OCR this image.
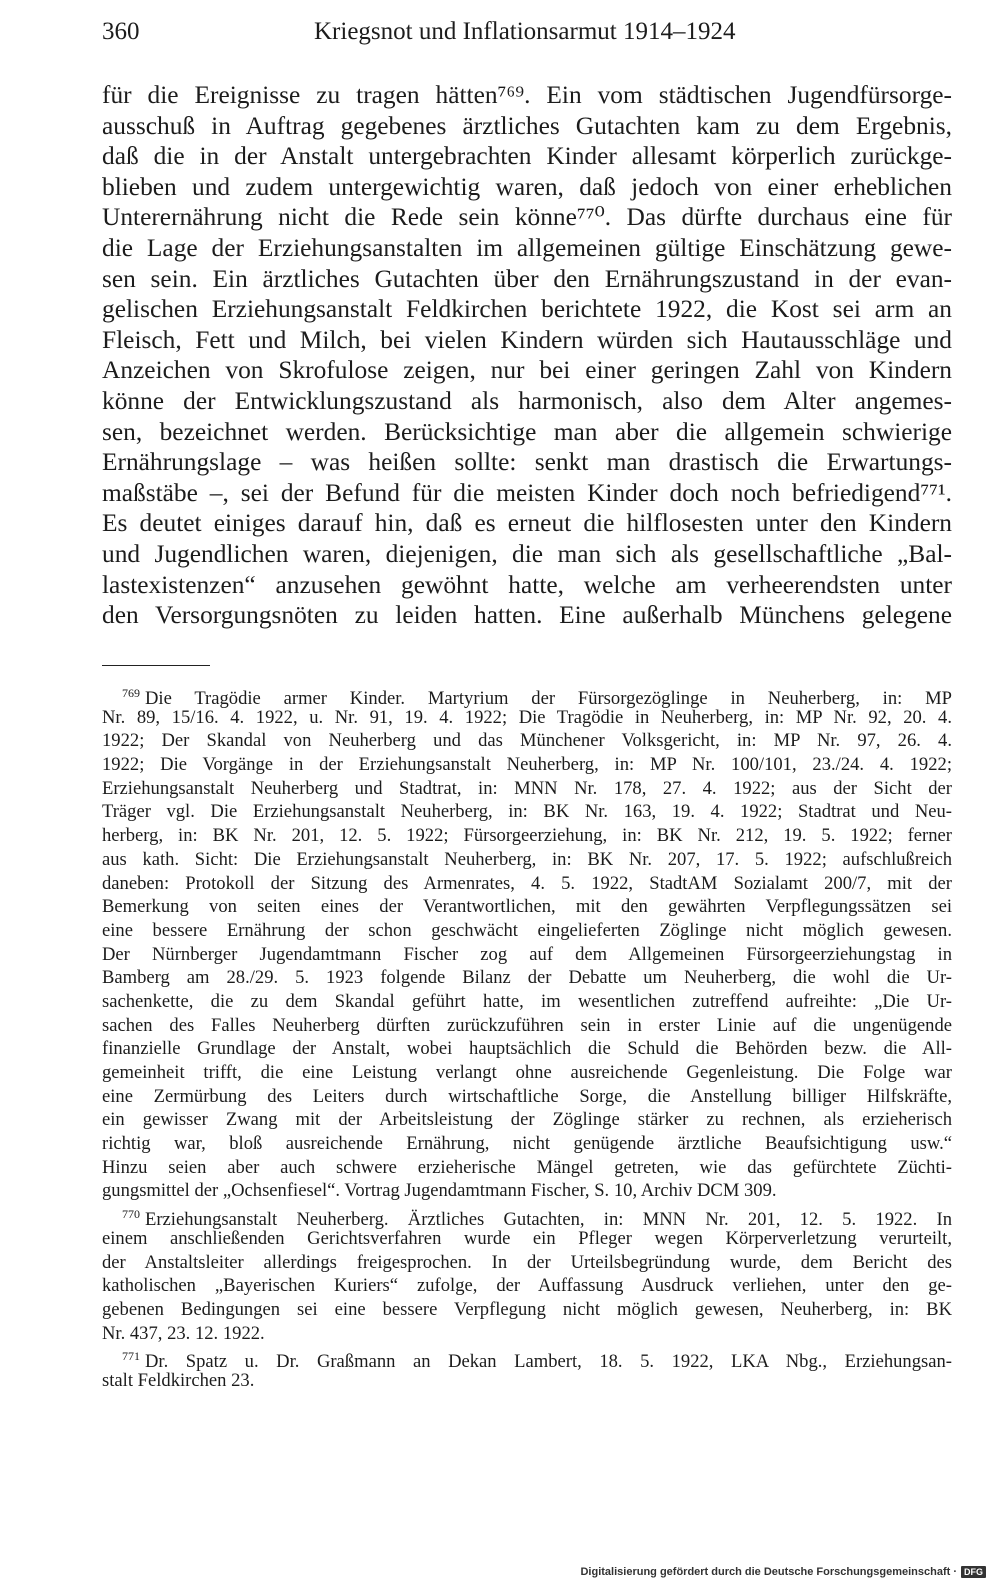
360	Kriegsnot und Inflationsarmut 1914–1924
für die Ereignisse zu tragen hätten⁷⁶⁹. Ein vom städtischen Jugendfürsorge-
ausschuß in Auftrag gegebenes ärztliches Gutachten kam zu dem Ergebnis,
daß die in der Anstalt untergebrachten Kinder allesamt körperlich zurückge-
blieben und zudem untergewichtig waren, daß jedoch von einer erheblichen
Unterernährung nicht die Rede sein könne⁷⁷⁰. Das dürfte durchaus eine für
die Lage der Erziehungsanstalten im allgemeinen gültige Einschätzung gewe-
sen sein. Ein ärztliches Gutachten über den Ernährungszustand in der evan-
gelischen Erziehungsanstalt Feldkirchen berichtete 1922, die Kost sei arm an
Fleisch, Fett und Milch, bei vielen Kindern würden sich Hautausschläge und
Anzeichen von Skrofulose zeigen, nur bei einer geringen Zahl von Kindern
könne der Entwicklungszustand als harmonisch, also dem Alter angemes-
sen, bezeichnet werden. Berücksichtige man aber die allgemein schwierige
Ernährungslage – was heißen sollte: senkt man drastisch die Erwartungs-
maßstäbe –, sei der Befund für die meisten Kinder doch noch befriedigend⁷⁷¹.
Es deutet einiges darauf hin, daß es erneut die hilflosesten unter den Kindern
und Jugendlichen waren, diejenigen, die man sich als gesellschaftliche „Bal-
lastexistenzen“ anzusehen gewöhnt hatte, welche am verheerendsten unter
den Versorgungsnöten zu leiden hatten. Eine außerhalb Münchens gelegene
$^{769}$ Die Tragödie armer Kinder. Martyrium der Fürsorgezöglinge in Neuherberg, in: MP
Nr. 89, 15/16. 4. 1922, u. Nr. 91, 19. 4. 1922; Die Tragödie in Neuherberg, in: MP Nr. 92, 20. 4.
1922; Der Skandal von Neuherberg und das Münchener Volksgericht, in: MP Nr. 97, 26. 4.
1922; Die Vorgänge in der Erziehungsanstalt Neuherberg, in: MP Nr. 100/101, 23./24. 4. 1922;
Erziehungsanstalt Neuherberg und Stadtrat, in: MNN Nr. 178, 27. 4. 1922; aus der Sicht der
Träger vgl. Die Erziehungsanstalt Neuherberg, in: BK Nr. 163, 19. 4. 1922; Stadtrat und Neu-
herberg, in: BK Nr. 201, 12. 5. 1922; Fürsorgeerziehung, in: BK Nr. 212, 19. 5. 1922; ferner
aus kath. Sicht: Die Erziehungsanstalt Neuherberg, in: BK Nr. 207, 17. 5. 1922; aufschlußreich
daneben: Protokoll der Sitzung des Armenrates, 4. 5. 1922, StadtAM Sozialamt 200/7, mit der
Bemerkung von seiten eines der Verantwortlichen, mit den gewährten Verpflegungssätzen sei
eine bessere Ernährung der schon geschwächt eingelieferten Zöglinge nicht möglich gewesen.
Der Nürnberger Jugendamtmann Fischer zog auf dem Allgemeinen Fürsorgeerziehungstag in
Bamberg am 28./29. 5. 1923 folgende Bilanz der Debatte um Neuherberg, die wohl die Ur-
sachenkette, die zu dem Skandal geführt hatte, im wesentlichen zutreffend aufreihte: „Die Ur-
sachen des Falles Neuherberg dürften zurückzuführen sein in erster Linie auf die ungenügende
finanzielle Grundlage der Anstalt, wobei hauptsächlich die Schuld die Behörden bezw. die All-
gemeinheit trifft, die eine Leistung verlangt ohne ausreichende Gegenleistung. Die Folge war
eine Zermürbung des Leiters durch wirtschaftliche Sorge, die Anstellung billiger Hilfskräfte,
ein gewisser Zwang mit der Arbeitsleistung der Zöglinge stärker zu rechnen, als erzieherisch
richtig war, bloß ausreichende Ernährung, nicht genügende ärztliche Beaufsichtigung usw.“
Hinzu seien aber auch schwere erzieherische Mängel getreten, wie das gefürchtete Züchti-
gungsmittel der „Ochsenfiesel“. Vortrag Jugendamtmann Fischer, S. 10, Archiv DCM 309.
$^{770}$ Erziehungsanstalt Neuherberg. Ärztliches Gutachten, in: MNN Nr. 201, 12. 5. 1922. In
einem anschließenden Gerichtsverfahren wurde ein Pfleger wegen Körperverletzung verurteilt,
der Anstaltsleiter allerdings freigesprochen. In der Urteilsbegründung wurde, dem Bericht des
katholischen „Bayerischen Kuriers“ zufolge, der Auffassung Ausdruck verliehen, unter den ge-
gebenen Bedingungen sei eine bessere Verpflegung nicht möglich gewesen, Neuherberg, in: BK
Nr. 437, 23. 12. 1922.
$^{771}$ Dr. Spatz u. Dr. Graßmann an Dekan Lambert, 18. 5. 1922, LKA Nbg., Erziehungsan-
stalt Feldkirchen 23.
Digitalisierung gefördert durch die Deutsche Forschungsgemeinschaft · DFG
